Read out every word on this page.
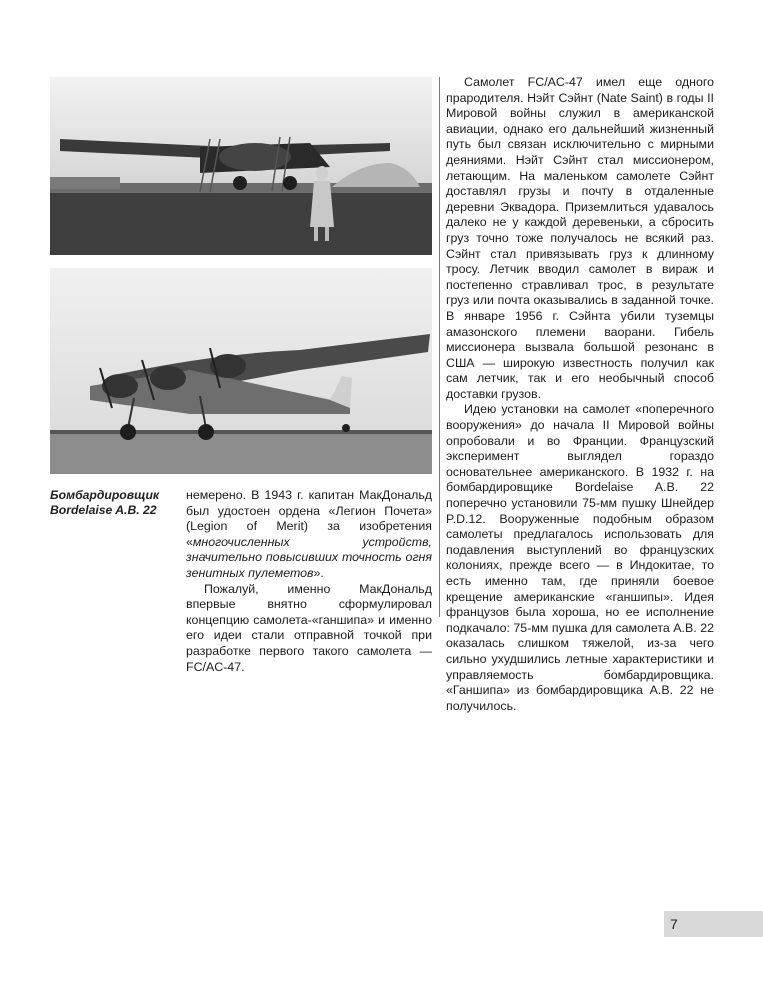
Бомбардировщик
Bordelaise A.B. 22

немерено. В 1943 г. капитан МакДональд был удостоен ордена «Легион Почета» (Legion of Merit) за изобретения «многочисленных устройств, значительно повысивших точность огня зенитных пулеметов».

Пожалуй, именно МакДональд впервые внятно сформулировал концепцию самолета-«ганшипа» и именно его идеи стали отправной точкой при разработке первого такого самолета — FC/AC-47.

Самолет FC/AC-47 имел еще одного прародителя. Нэйт Сэйнт (Nate Saint) в годы II Мировой войны служил в американской авиации, однако его дальнейший жизненный путь был связан исключительно с мирными деяниями. Нэйт Сэйнт стал миссионером, летающим. На маленьком самолете Сэйнт доставлял грузы и почту в отдаленные деревни Эквадора. Приземлиться удавалось далеко не у каждой деревеньки, а сбросить груз точно тоже получалось не всякий раз. Сэйнт стал привязывать груз к длинному тросу. Летчик вводил самолет в вираж и постепенно стравливал трос, в результате груз или почта оказывались в заданной точке. В январе 1956 г. Сэйнта убили туземцы амазонского племени ваорани. Гибель миссионера вызвала большой резонанс в США — широкую известность получил как сам летчик, так и его необычный способ доставки грузов.

Идею установки на самолет «поперечного вооружения» до начала II Мировой войны опробовали и во Франции. Французский эксперимент выглядел гораздо основательнее американского. В 1932 г. на бомбардировщике Bordelaise A.B. 22 поперечно установили 75-мм пушку Шнейдер P.D.12. Вооруженные подобным образом самолеты предлагалось использовать для подавления выступлений во французских колониях, прежде всего — в Индокитае, то есть именно там, где приняли боевое крещение американские «ганшипы». Идея французов была хороша, но ее исполнение подкачало: 75-мм пушка для самолета A.B. 22 оказалась слишком тяжелой, из-за чего сильно ухудшились летные характеристики и управляемость бомбардировщика. «Ганшипа» из бомбардировщика A.B. 22 не получилось.

7
